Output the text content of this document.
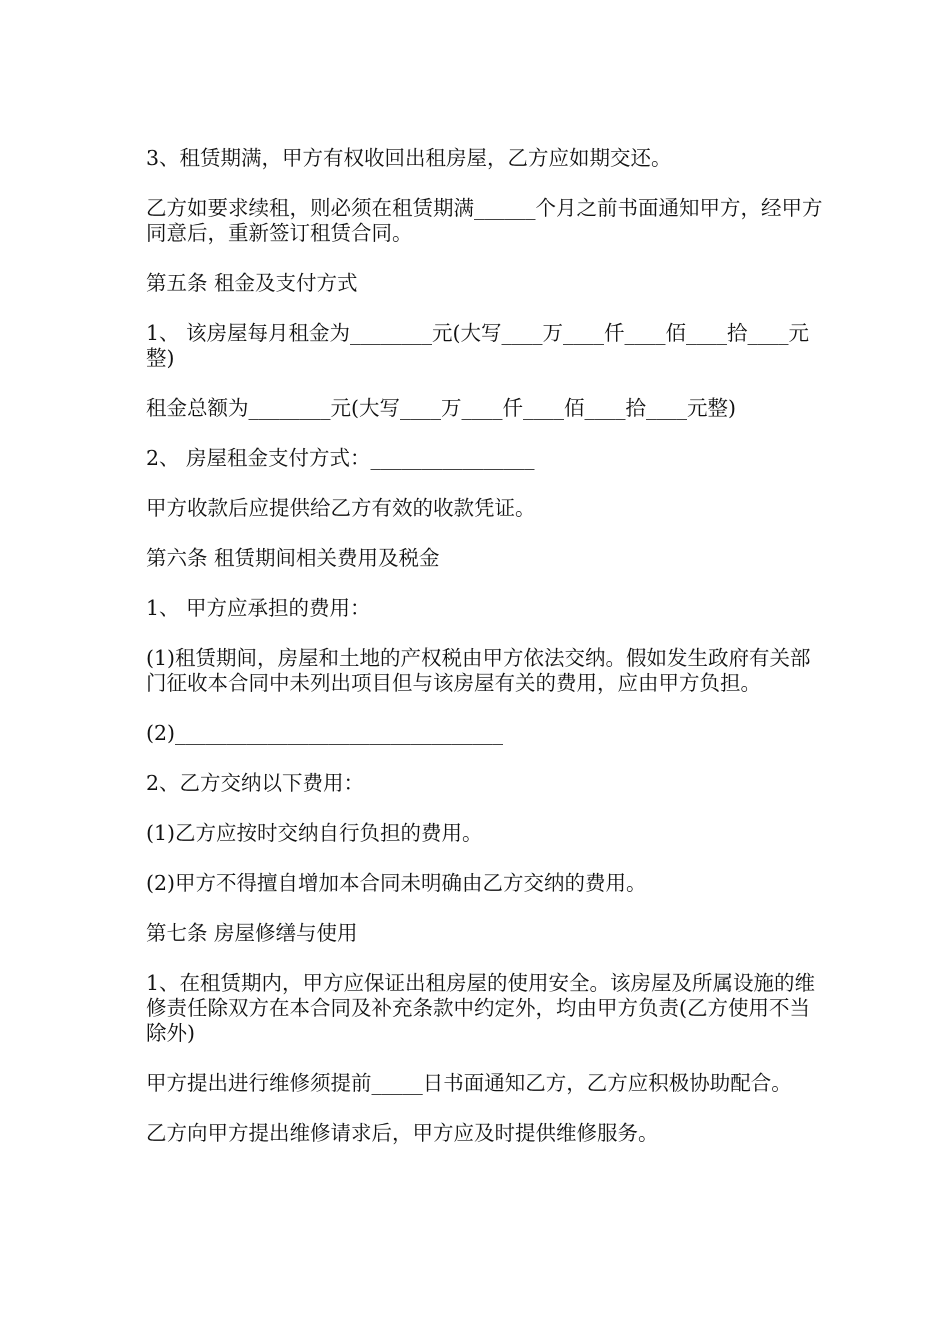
3、租赁期满，甲方有权收回出租房屋，乙方应如期交还。

乙方如要求续租，则必须在租赁期满______个月之前书面通知甲方，经甲方同意后，重新签订租赁合同。

第五条 租金及支付方式

1、 该房屋每月租金为________元(大写____万____仟____佰____拾____元整)

租金总额为________元(大写____万____仟____佰____拾____元整)

2、 房屋租金支付方式：________________

甲方收款后应提供给乙方有效的收款凭证。

第六条 租赁期间相关费用及税金

1、 甲方应承担的费用：

(1)租赁期间，房屋和土地的产权税由甲方依法交纳。假如发生政府有关部门征收本合同中未列出项目但与该房屋有关的费用，应由甲方负担。

(2)________________________________

2、乙方交纳以下费用：

(1)乙方应按时交纳自行负担的费用。

(2)甲方不得擅自增加本合同未明确由乙方交纳的费用。

第七条 房屋修缮与使用

1、在租赁期内，甲方应保证出租房屋的使用安全。该房屋及所属设施的维修责任除双方在本合同及补充条款中约定外，均由甲方负责(乙方使用不当除外)

甲方提出进行维修须提前_____日书面通知乙方，乙方应积极协助配合。

乙方向甲方提出维修请求后，甲方应及时提供维修服务。
